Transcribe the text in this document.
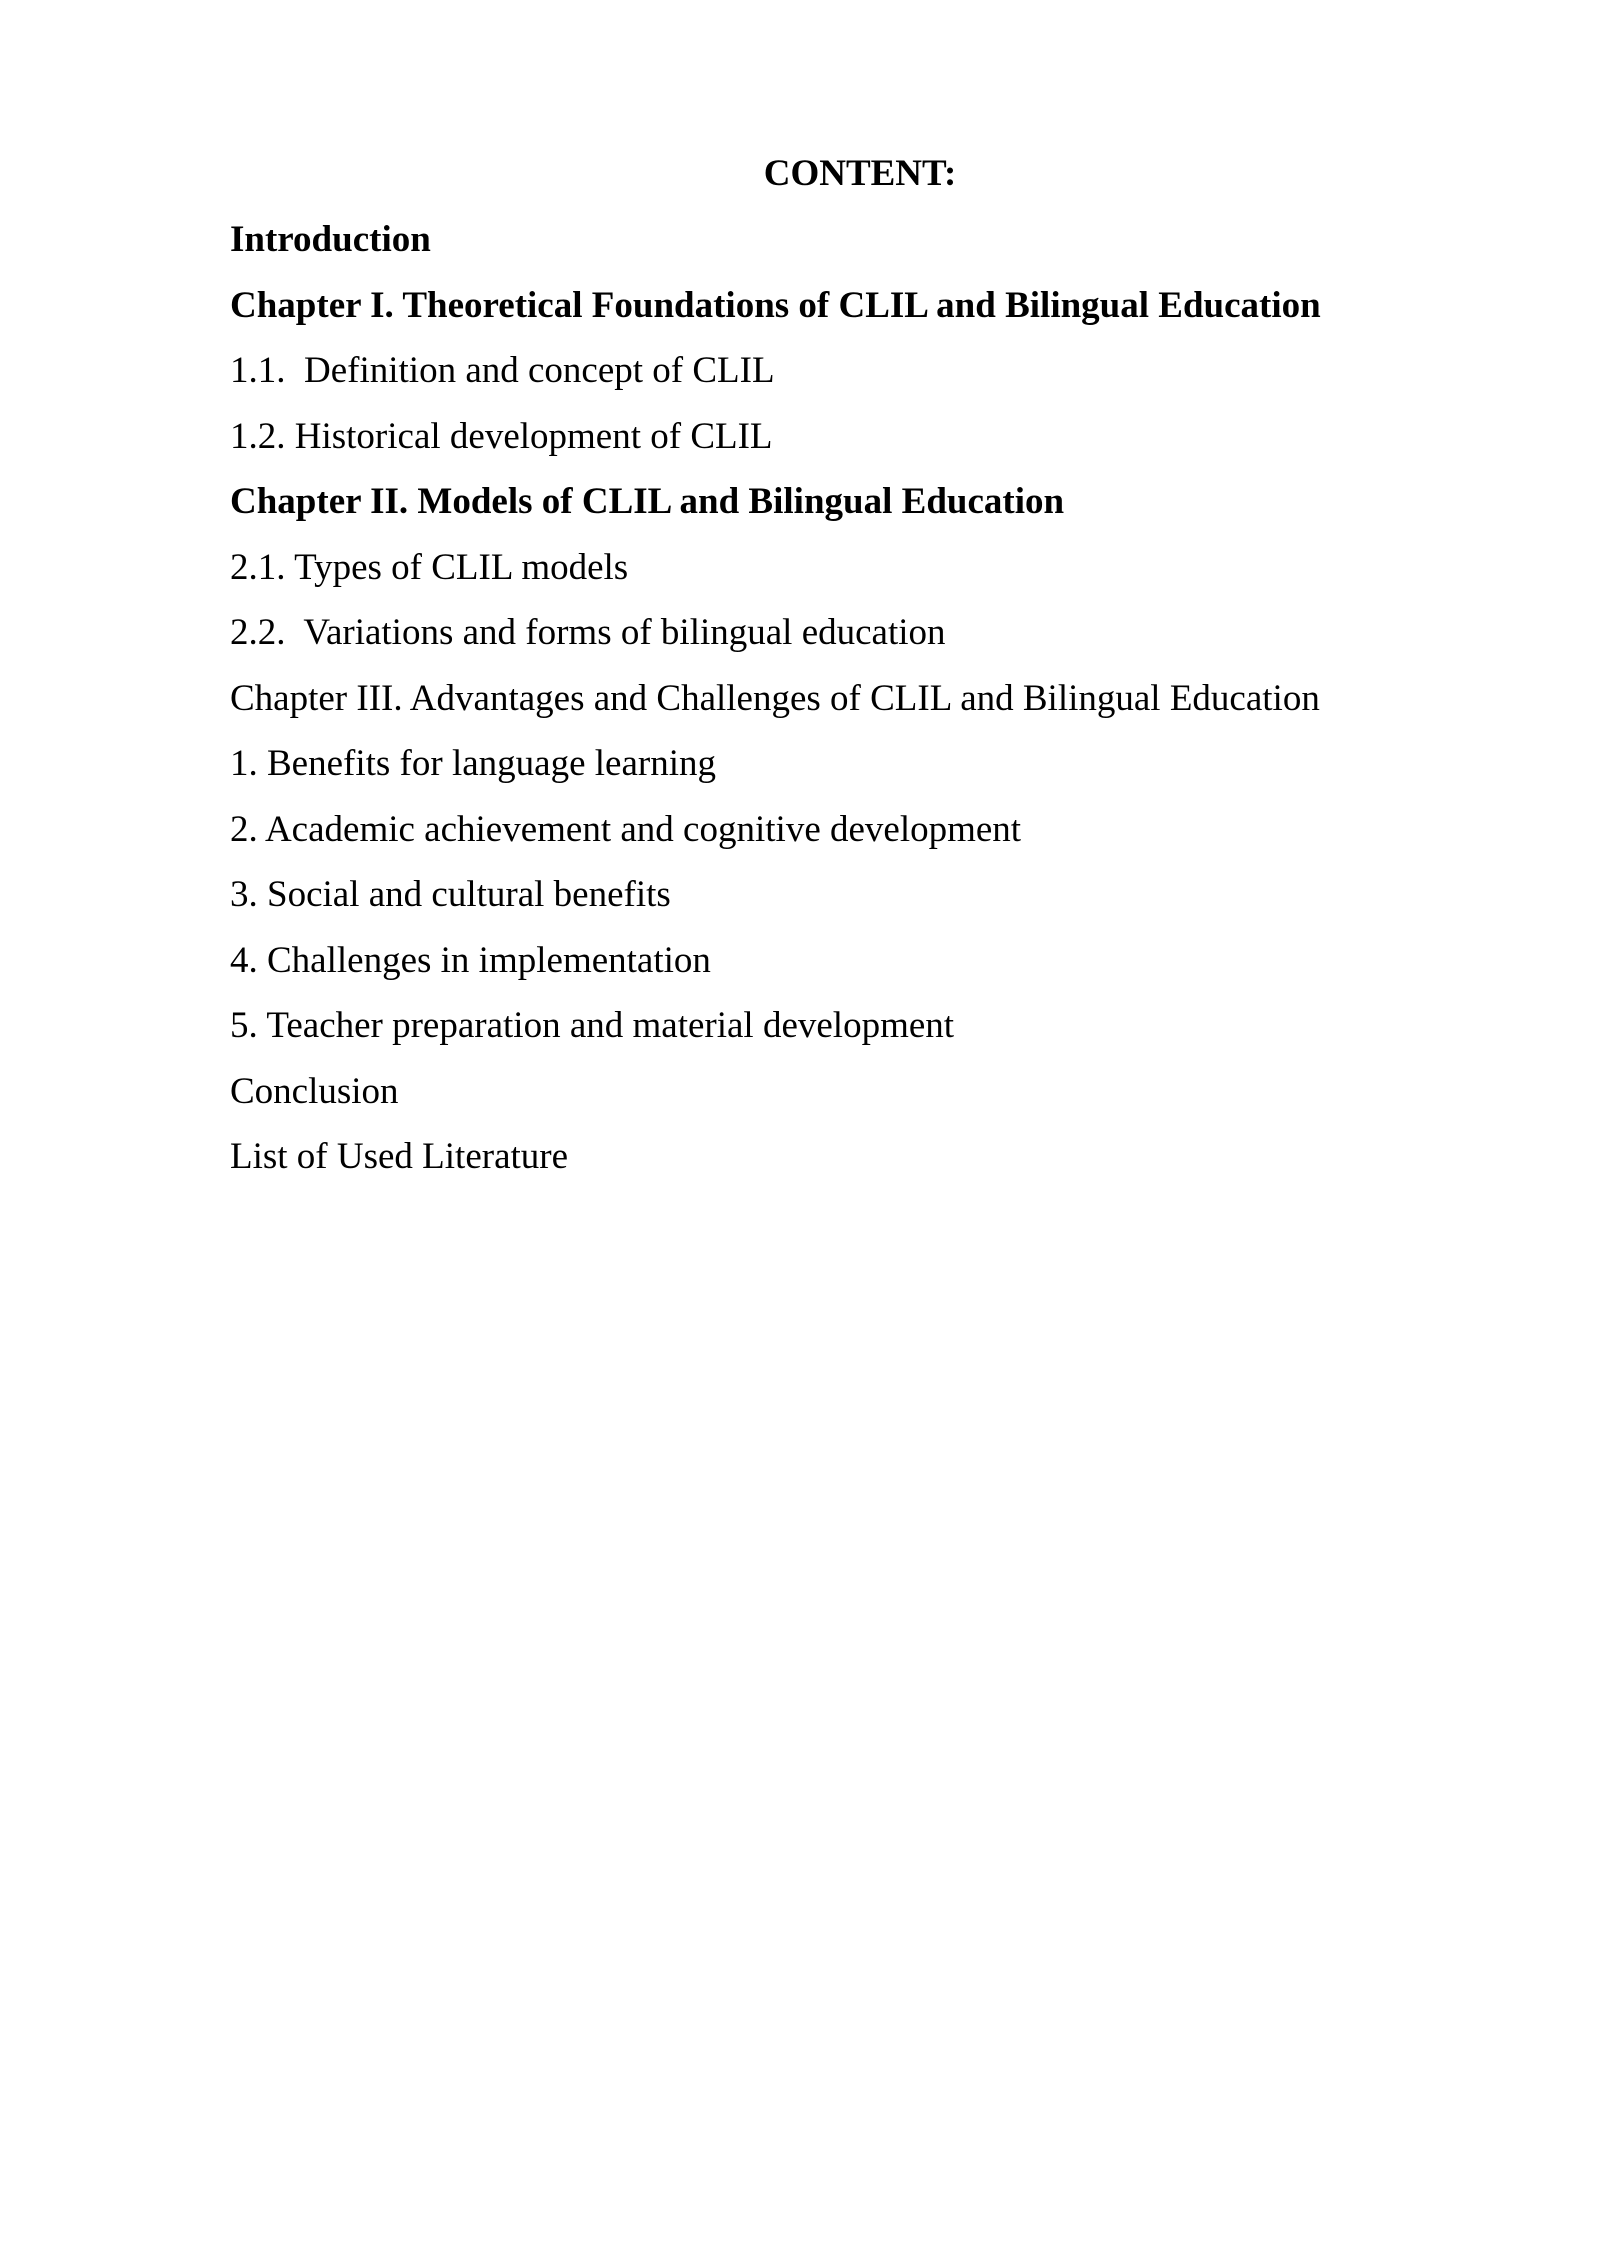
CONTENT:
Introduction
Chapter I. Theoretical Foundations of CLIL and Bilingual Education
1.1.  Definition and concept of CLIL
1.2. Historical development of CLIL
Chapter II. Models of CLIL and Bilingual Education
2.1. Types of CLIL models
2.2.  Variations and forms of bilingual education
Chapter III. Advantages and Challenges of CLIL and Bilingual Education
1. Benefits for language learning
2. Academic achievement and cognitive development
3. Social and cultural benefits
4. Challenges in implementation
5. Teacher preparation and material development
Conclusion
List of Used Literature
